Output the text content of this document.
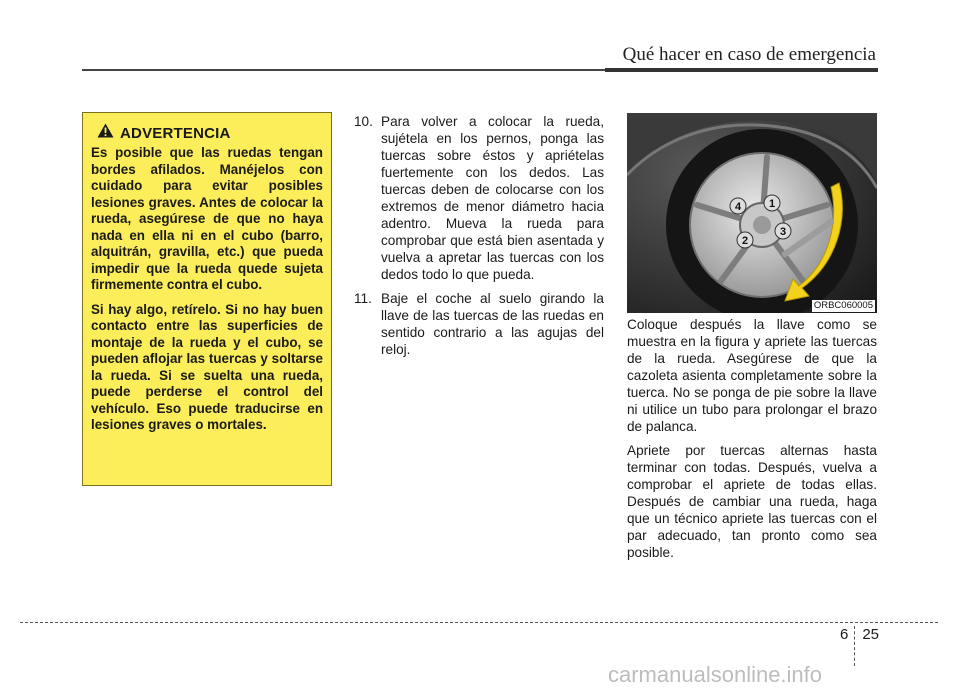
Qué hacer en caso de emergencia
ADVERTENCIA

Es posible que las ruedas tengan bordes afilados. Manéjelos con cuidado para evitar posibles lesiones graves. Antes de colocar la rueda, asegúrese de que no haya nada en ella ni en el cubo (barro, alquitrán, gravilla, etc.) que pueda impedir que la rueda quede sujeta firmemente contra el cubo.

Si hay algo, retírelo. Si no hay buen contacto entre las superficies de montaje de la rueda y el cubo, se pueden aflojar las tuercas y soltarse la rueda. Si se suelta una rueda, puede perderse el control del vehículo. Eso puede traducirse en lesiones graves o mortales.

10. Para volver a colocar la rueda, sujétela en los pernos, ponga las tuercas sobre éstos y apriételas fuertemente con los dedos. Las tuercas deben de colocarse con los extremos de menor diámetro hacia adentro. Mueva la rueda para comprobar que está bien asentada y vuelva a apretar las tuercas con los dedos todo lo que pueda.
11. Baje el coche al suelo girando la llave de las tuercas de las ruedas en sentido contrario a las agujas del reloj.
1
2
3
4
ORBC060005

Coloque después la llave como se muestra en la figura y apriete las tuercas de la rueda. Asegúrese de que la cazoleta asienta completamente sobre la tuerca. No se ponga de pie sobre la llave ni utilice un tubo para prolongar el brazo de palanca.

Apriete por tuercas alternas hasta terminar con todas. Después, vuelva a comprobar el apriete de todas ellas. Después de cambiar una rueda, haga que un técnico apriete las tuercas con el par adecuado, tan pronto como sea posible.

6 25
carmanualsonline.info
